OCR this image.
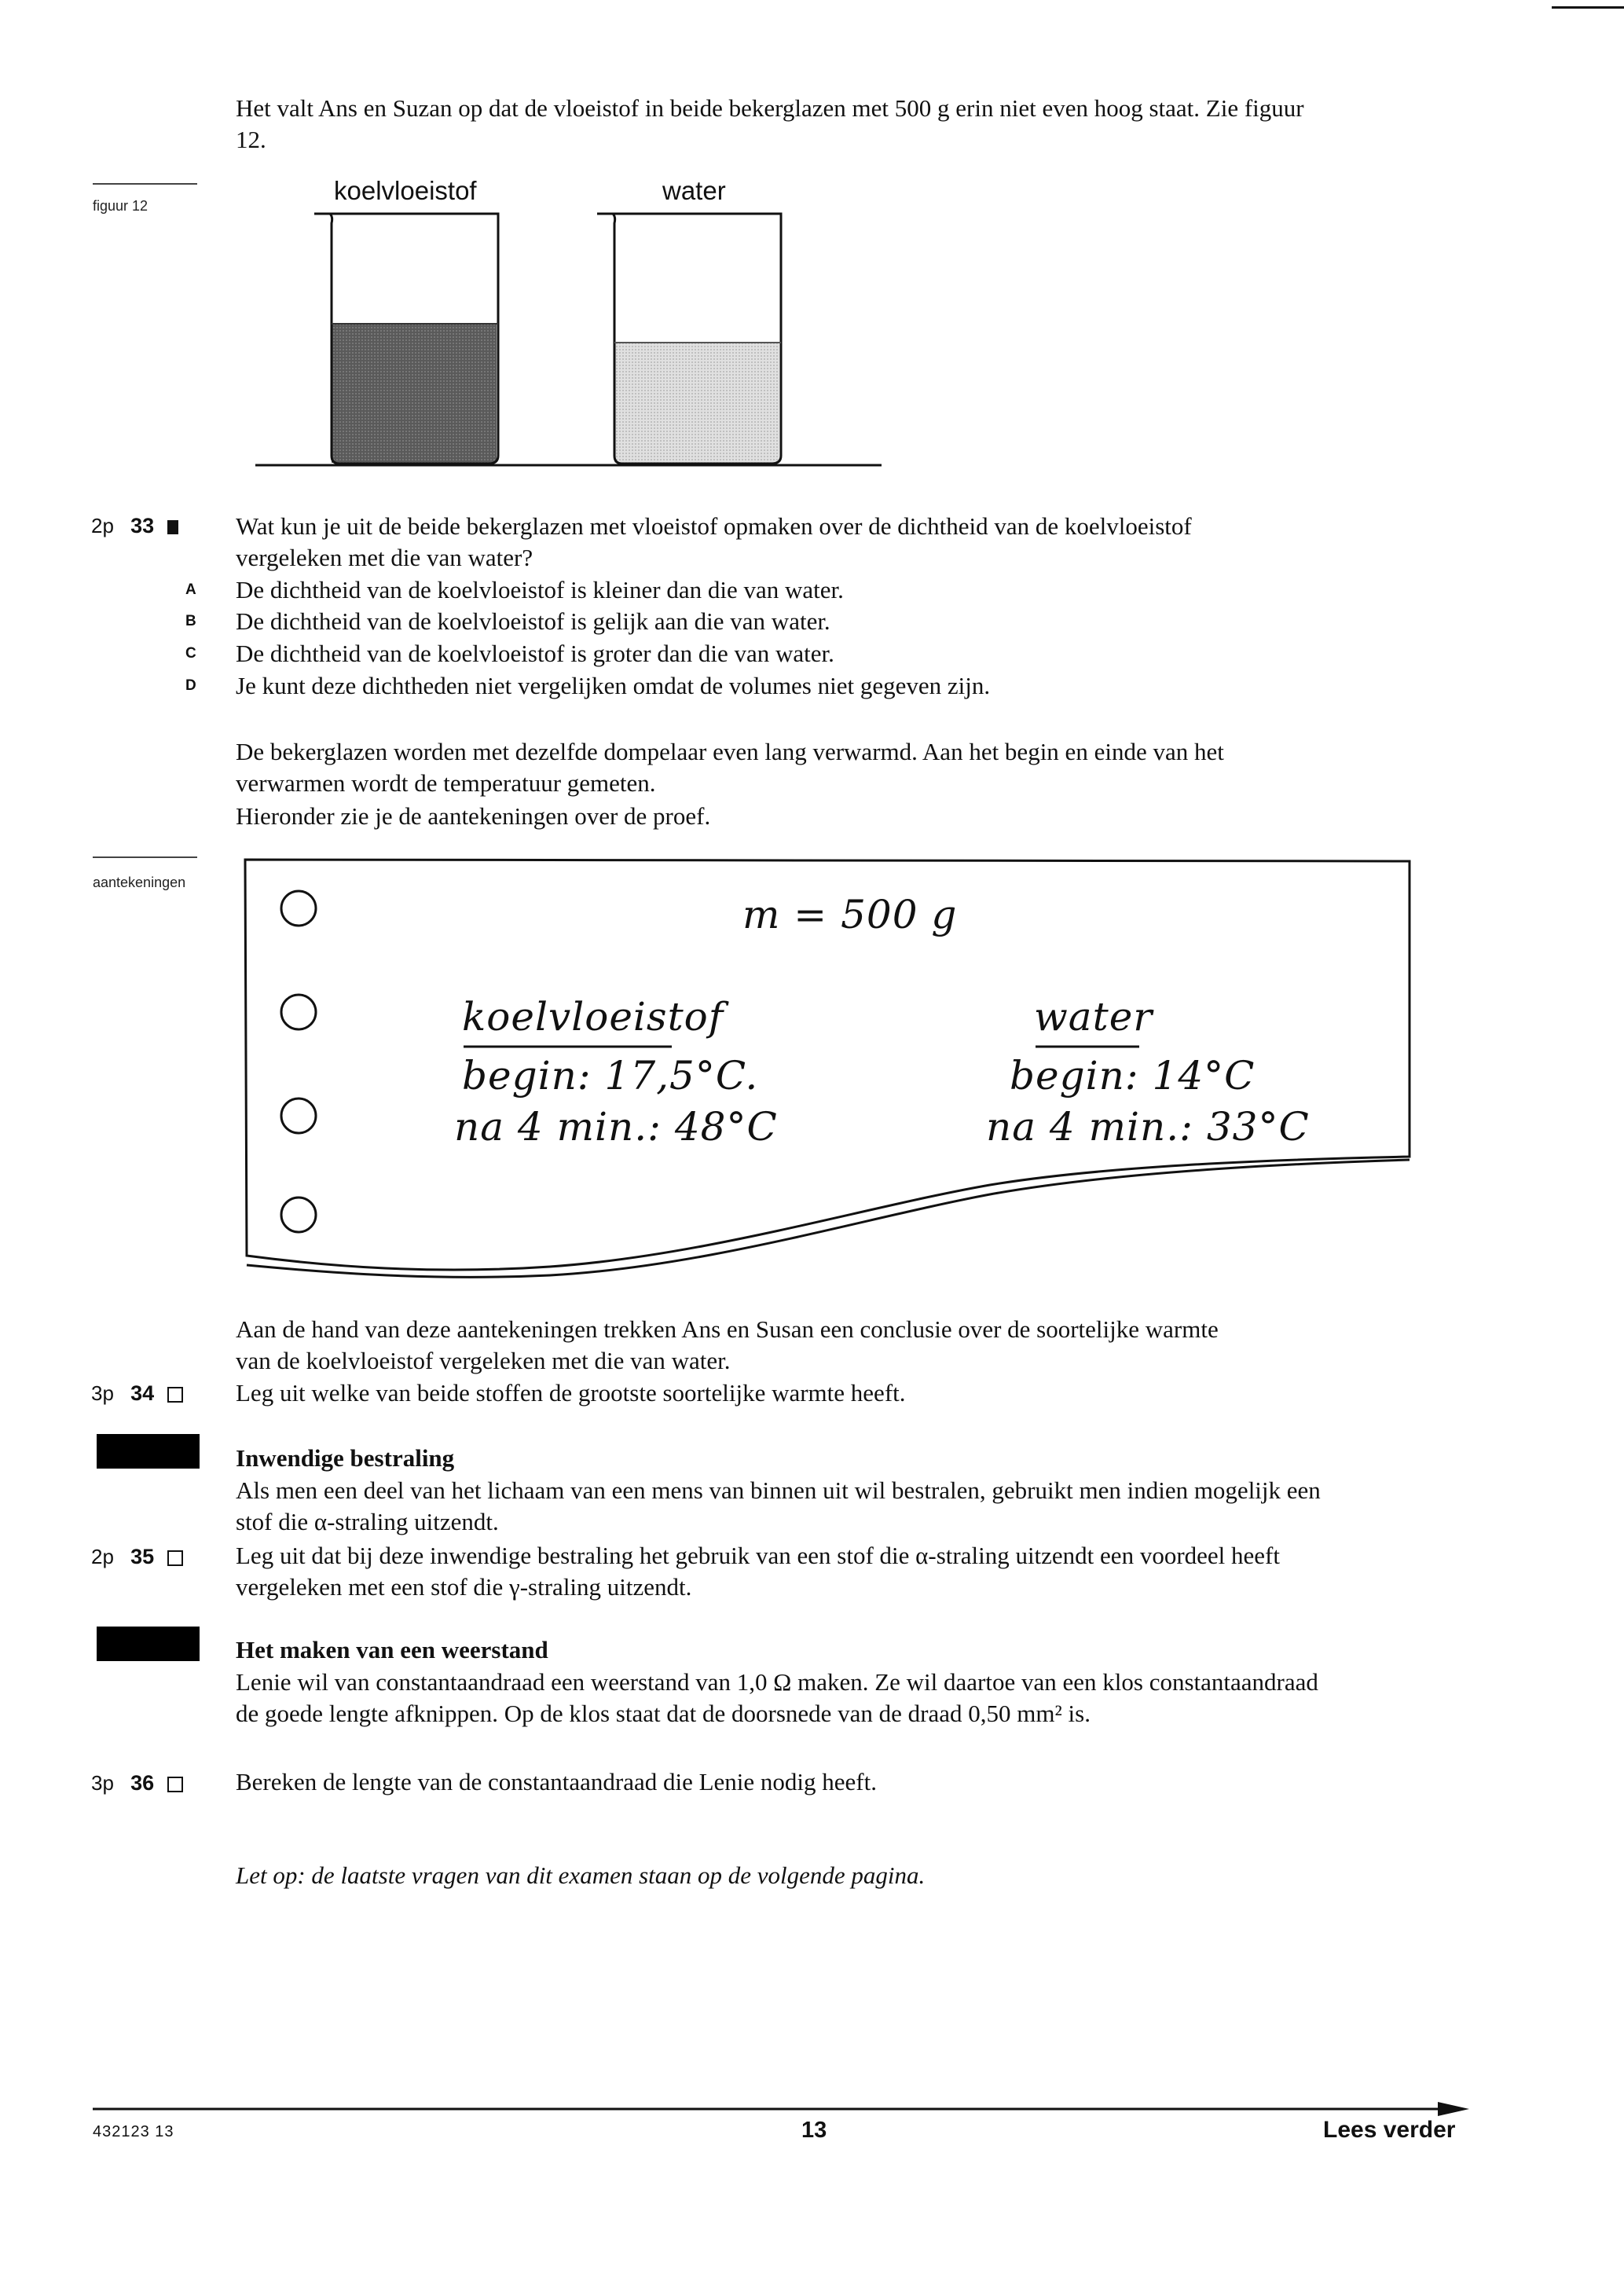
Het valt Ans en Suzan op dat de vloeistof in beide bekerglazen met 500 g erin niet even hoog staat. Zie figuur 12.
figuur 12
koelvloeistof	water
2p 33	Wat kun je uit de beide bekerglazen met vloeistof opmaken over de dichtheid van de koelvloeistof vergeleken met die van water?
A De dichtheid van de koelvloeistof is kleiner dan die van water.
B De dichtheid van de koelvloeistof is gelijk aan die van water.
C De dichtheid van de koelvloeistof is groter dan die van water.
D Je kunt deze dichtheden niet vergelijken omdat de volumes niet gegeven zijn.
De bekerglazen worden met dezelfde dompelaar even lang verwarmd. Aan het begin en einde van het verwarmen wordt de temperatuur gemeten.
Hieronder zie je de aantekeningen over de proef.
aantekeningen
m = 500 g
koelvloeistof
begin: 17,5°C.
na 4 min.: 48°C
water
begin: 14°C
na 4 min.: 33°C
Aan de hand van deze aantekeningen trekken Ans en Susan een conclusie over de soortelijke warmte van de koelvloeistof vergeleken met die van water.
3p 34	Leg uit welke van beide stoffen de grootste soortelijke warmte heeft.
Inwendige bestraling
Als men een deel van het lichaam van een mens van binnen uit wil bestralen, gebruikt men indien mogelijk een stof die α-straling uitzendt.
2p 35	Leg uit dat bij deze inwendige bestraling het gebruik van een stof die α-straling uitzendt een voordeel heeft vergeleken met een stof die γ-straling uitzendt.
Het maken van een weerstand
Lenie wil van constantaandraad een weerstand van 1,0 Ω maken. Ze wil daartoe van een klos constantaandraad de goede lengte afknippen. Op de klos staat dat de doorsnede van de draad 0,50 mm² is.
3p 36	Bereken de lengte van de constantaandraad die Lenie nodig heeft.
Let op: de laatste vragen van dit examen staan op de volgende pagina.
432123 13	13	Lees verder
